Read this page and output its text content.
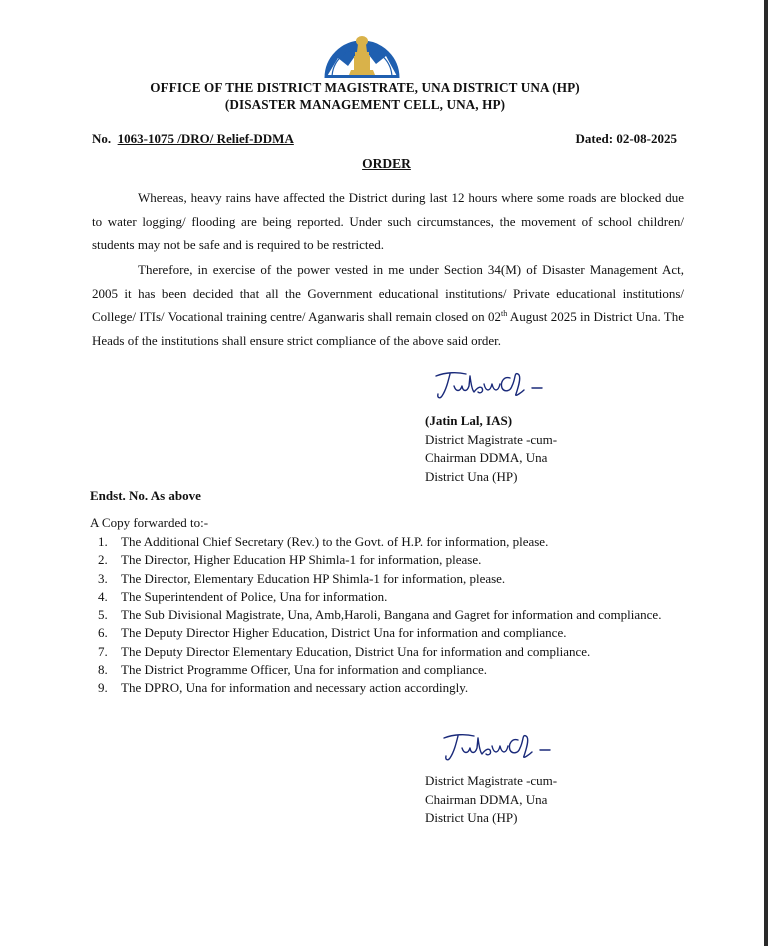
OFFICE OF THE DISTRICT MAGISTRATE, UNA DISTRICT UNA (HP)
(DISASTER MANAGEMENT CELL, UNA, HP)
No. 1063-1075 /DRO/ Relief-DDMA	Dated: 02-08-2025
ORDER
Whereas, heavy rains have affected the District during last 12 hours where some roads are blocked due to water logging/ flooding are being reported. Under such circumstances, the movement of school children/ students may not be safe and is required to be restricted.
Therefore, in exercise of the power vested in me under Section 34(M) of Disaster Management Act, 2005 it has been decided that all the Government educational institutions/ Private educational institutions/ College/ ITIs/ Vocational training centre/ Aganwaris shall remain closed on 02th August 2025 in District Una. The Heads of the institutions shall ensure strict compliance of the above said order.
(Jatin Lal, IAS)
District Magistrate -cum-
Chairman DDMA, Una
District Una (HP)
Endst. No. As above
A Copy forwarded to:-
1. The Additional Chief Secretary (Rev.) to the Govt. of H.P. for information, please.
2. The Director, Higher Education HP Shimla-1 for information, please.
3. The Director, Elementary Education HP Shimla-1 for information, please.
4. The Superintendent of Police, Una for information.
5. The Sub Divisional Magistrate, Una, Amb,Haroli, Bangana and Gagret for information and compliance.
6. The Deputy Director Higher Education, District Una for information and compliance.
7. The Deputy Director Elementary Education, District Una for information and compliance.
8. The District Programme Officer, Una for information and compliance.
9. The DPRO, Una for information and necessary action accordingly.
District Magistrate -cum-
Chairman DDMA, Una
District Una (HP)
